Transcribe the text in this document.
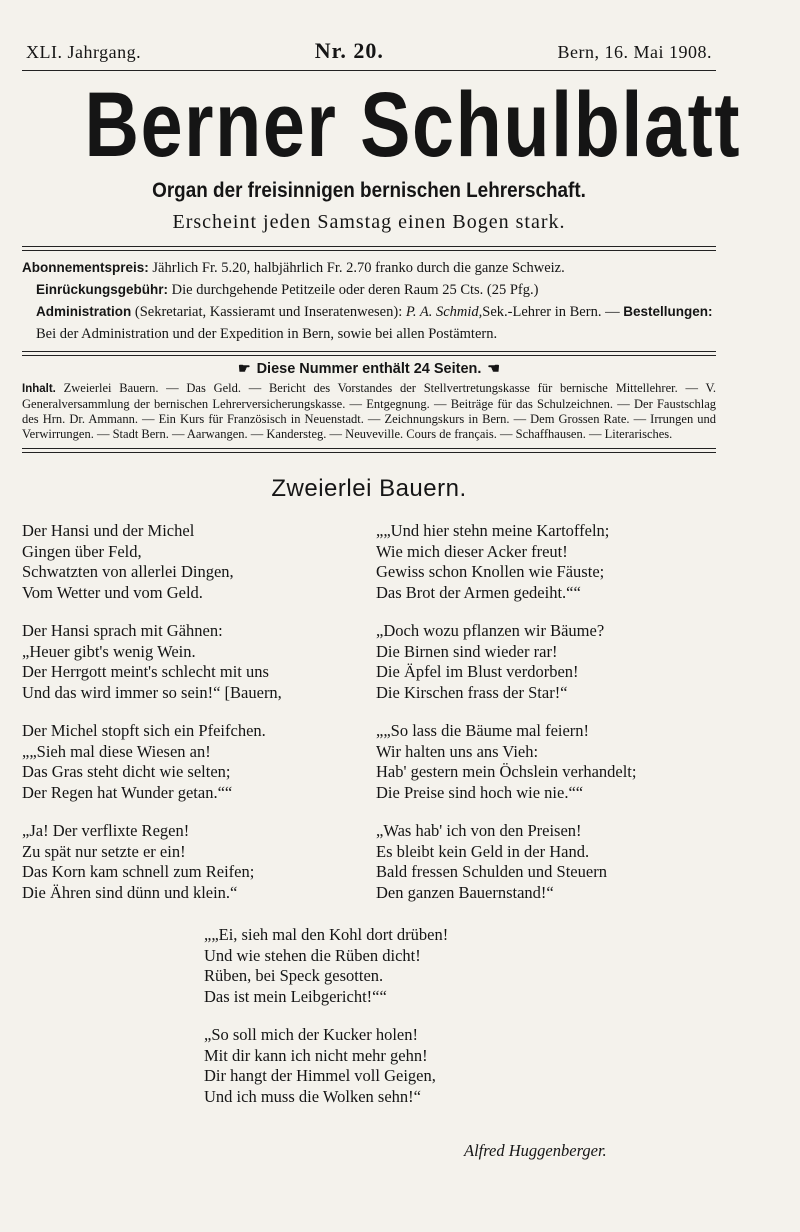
XLI. Jahrgang.	Nr. 20.	Bern, 16. Mai 1908.
Berner Schulblatt
Organ der freisinnigen bernischen Lehrerschaft.
Erscheint jeden Samstag einen Bogen stark.
Abonnementspreis: Jährlich Fr. 5.20, halbjährlich Fr. 2.70 franko durch die ganze Schweiz.
Einrückungsgebühr: Die durchgehende Petitzeile oder deren Raum 25 Cts. (25 Pfg.)
Administration (Sekretariat, Kassieramt und Inseratenwesen): P. A. Schmid,Sek.-Lehrer in Bern. — Bestellungen: Bei der Administration und der Expedition in Bern, sowie bei allen Postämtern.
☛ Diese Nummer enthält 24 Seiten. ☚
Inhalt. Zweierlei Bauern. — Das Geld. — Bericht des Vorstandes der Stellvertretungskasse für bernische Mittellehrer. — V. Generalversammlung der bernischen Lehrerversicherungskasse. — Entgegnung. — Beiträge für das Schulzeichnen. — Der Faustschlag des Hrn. Dr. Ammann. — Ein Kurs für Französisch in Neuenstadt. — Zeichnungskurs in Bern. — Dem Grossen Rate. — Irrungen und Verwirrungen. — Stadt Bern. — Aarwangen. — Kandersteg. — Neuveville. Cours de français. — Schaffhausen. — Literarisches.
Zweierlei Bauern.
Der Hansi und der Michel
Gingen über Feld,
Schwatzten von allerlei Dingen,
Vom Wetter und vom Geld.
Der Hansi sprach mit Gähnen:
„Heuer gibt's wenig Wein.
Der Herrgott meint's schlecht mit uns
Und das wird immer so sein!“ [Bauern,
Der Michel stopft sich ein Pfeifchen.
„„Sieh mal diese Wiesen an!
Das Gras steht dicht wie selten;
Der Regen hat Wunder getan.““
„Ja! Der verflixte Regen!
Zu spät nur setzte er ein!
Das Korn kam schnell zum Reifen;
Die Ähren sind dünn und klein.“
„„Und hier stehn meine Kartoffeln;
Wie mich dieser Acker freut!
Gewiss schon Knollen wie Fäuste;
Das Brot der Armen gedeiht.““
„Doch wozu pflanzen wir Bäume?
Die Birnen sind wieder rar!
Die Äpfel im Blust verdorben!
Die Kirschen frass der Star!“
„„So lass die Bäume mal feiern!
Wir halten uns ans Vieh:
Hab' gestern mein Öchslein verhandelt;
Die Preise sind hoch wie nie.““
„Was hab' ich von den Preisen!
Es bleibt kein Geld in der Hand.
Bald fressen Schulden und Steuern
Den ganzen Bauernstand!“
„„Ei, sieh mal den Kohl dort drüben!
Und wie stehen die Rüben dicht!
Rüben, bei Speck gesotten.
Das ist mein Leibgericht!““
„So soll mich der Kucker holen!
Mit dir kann ich nicht mehr gehn!
Dir hangt der Himmel voll Geigen,
Und ich muss die Wolken sehn!“
Alfred Huggenberger.
